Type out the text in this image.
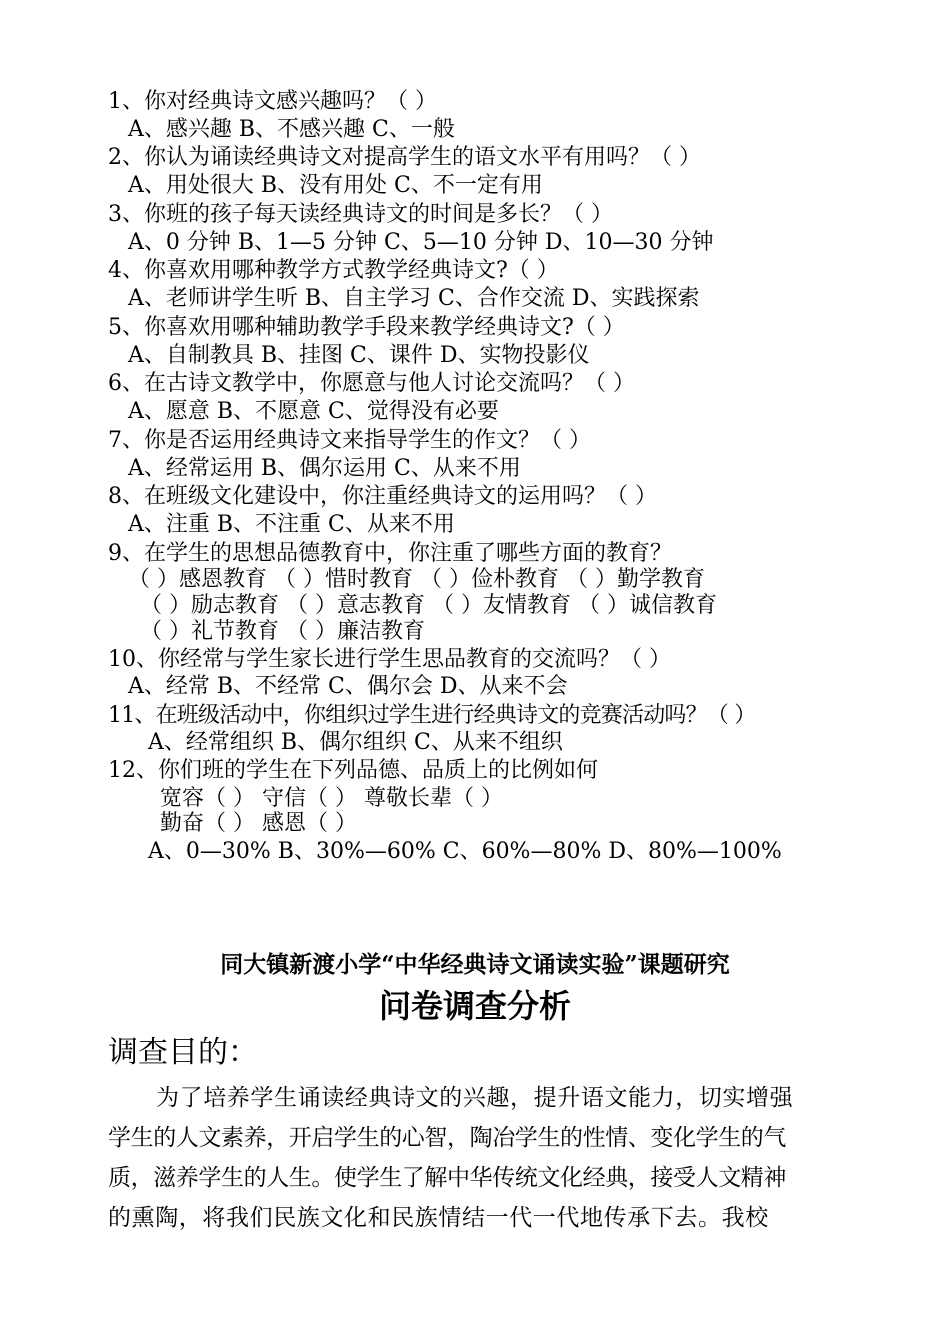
1、你对经典诗文感兴趣吗？（ ）
A、感兴趣 B、不感兴趣 C、一般
2、你认为诵读经典诗文对提高学生的语文水平有用吗？（ ）
A、用处很大 B、没有用处 C、不一定有用
3、你班的孩子每天读经典诗文的时间是多长？（ ）
A、0 分钟 B、1—5 分钟 C、5—10 分钟 D、10—30 分钟
4、你喜欢用哪种教学方式教学经典诗文?（ ）
A、老师讲学生听 B、自主学习 C、合作交流 D、实践探索
5、你喜欢用哪种辅助教学手段来教学经典诗文?（ ）
A、自制教具 B、挂图 C、课件 D、实物投影仪
6、在古诗文教学中，你愿意与他人讨论交流吗？（ ）
A、愿意 B、不愿意 C、觉得没有必要
7、你是否运用经典诗文来指导学生的作文？（ ）
A、经常运用 B、偶尔运用 C、从来不用
8、在班级文化建设中，你注重经典诗文的运用吗？（ ）
A、注重 B、不注重 C、从来不用
9、在学生的思想品德教育中，你注重了哪些方面的教育？
（ ）感恩教育 （ ）惜时教育 （ ）俭朴教育 （ ）勤学教育
（ ）励志教育 （ ）意志教育 （ ）友情教育 （ ）诚信教育
（ ）礼节教育 （ ）廉洁教育
10、你经常与学生家长进行学生思品教育的交流吗？（ ）
A、经常 B、不经常 C、偶尔会 D、从来不会
11、在班级活动中，你组织过学生进行经典诗文的竞赛活动吗？（ ）
A、经常组织 B、偶尔组织 C、从来不组织
12、你们班的学生在下列品德、品质上的比例如何
宽容（ ） 守信（ ） 尊敬长辈（ ）
勤奋（ ） 感恩（ ）
A、0—30% B、30%—60% C、60%—80% D、80%—100%
同大镇新渡小学“中华经典诗文诵读实验”课题研究
问卷调查分析
调查目的：
为了培养学生诵读经典诗文的兴趣，提升语文能力，切实增强
学生的人文素养，开启学生的心智，陶冶学生的性情、变化学生的气
质，滋养学生的人生。使学生了解中华传统文化经典，接受人文精神
的熏陶，将我们民族文化和民族情结一代一代地传承下去。我校
